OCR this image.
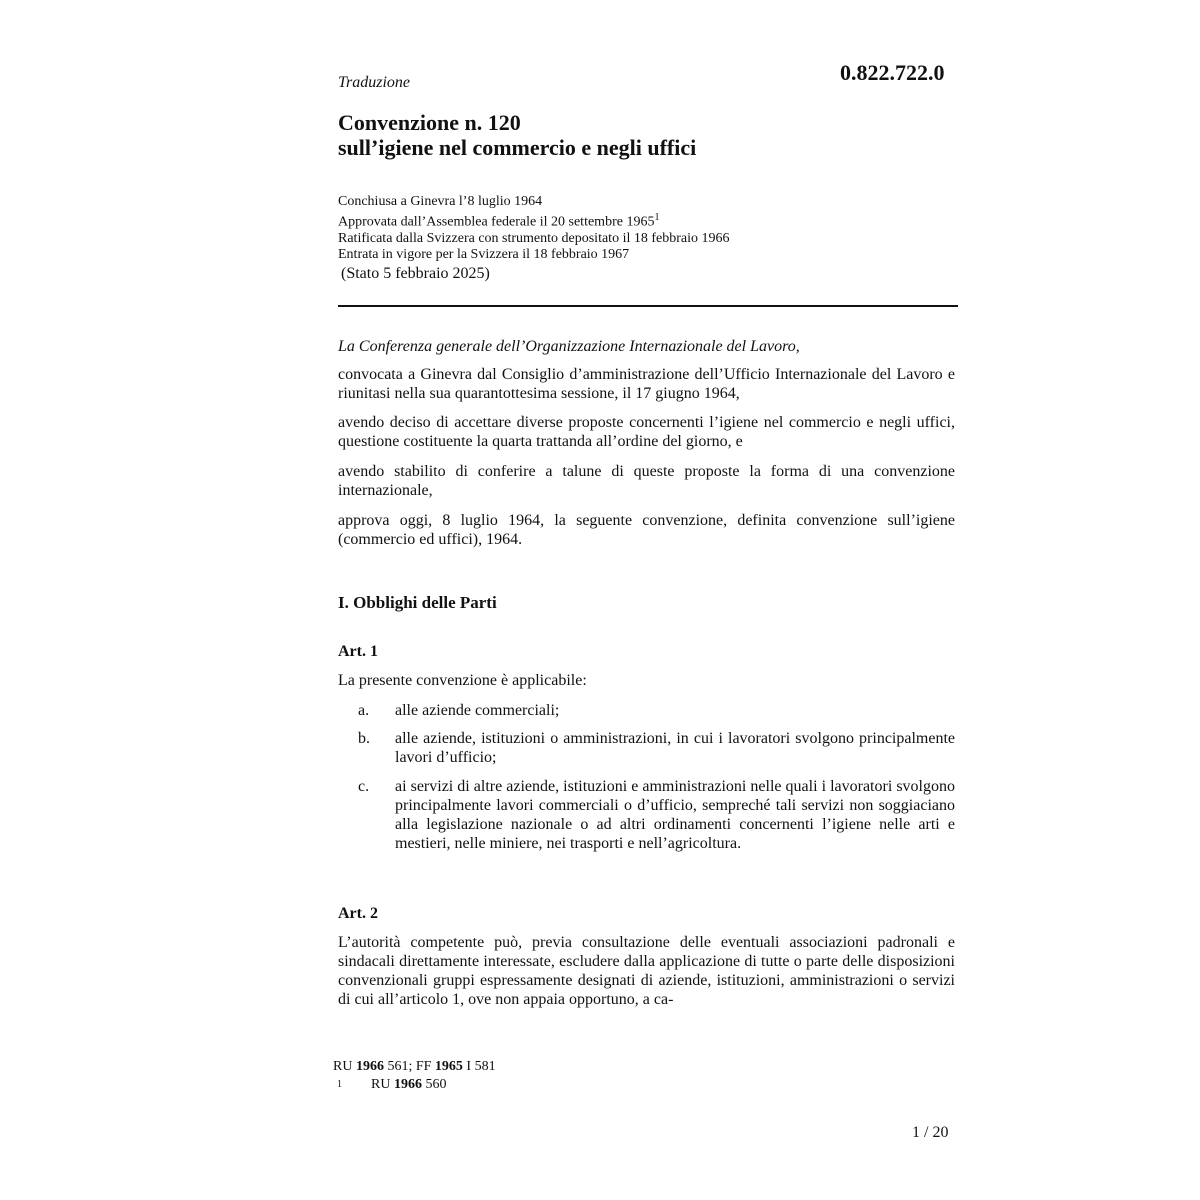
0.822.722.0
Traduzione
Convenzione n. 120
sull’igiene nel commercio e negli uffici
Conchiusa a Ginevra l’8 luglio 1964
Approvata dall’Assemblea federale il 20 settembre 1965$^1$
Ratificata dalla Svizzera con strumento depositato il 18 febbraio 1966
Entrata in vigore per la Svizzera il 18 febbraio 1967
(Stato 5 febbraio 2025)

La Conferenza generale dell’Organizzazione Internazionale del Lavoro,

convocata a Ginevra dal Consiglio d’amministrazione dell’Ufficio Internazionale del Lavoro e riunitasi nella sua quarantottesima sessione, il 17 giugno 1964,

avendo deciso di accettare diverse proposte concernenti l’igiene nel commercio e negli uffici, questione costituente la quarta trattanda all’ordine del giorno, e

avendo stabilito di conferire a talune di queste proposte la forma di una convenzione internazionale,

approva oggi, 8 luglio 1964, la seguente convenzione, definita convenzione sull’igiene (commercio ed uffici), 1964.

I. Obblighi delle Parti
Art. 1

La presente convenzione è applicabile:

a. alle aziende commerciali;
b. alle aziende, istituzioni o amministrazioni, in cui i lavoratori svolgono principalmente lavori d’ufficio;
c. ai servizi di altre aziende, istituzioni e amministrazioni nelle quali i lavoratori svolgono principalmente lavori commerciali o d’ufficio, sempreché tali servizi non soggiaciano alla legislazione nazionale o ad altri ordinamenti concernenti l’igiene nelle arti e mestieri, nelle miniere, nei trasporti e nell’agricoltura.
Art. 2

L’autorità competente può, previa consultazione delle eventuali associazioni padronali e sindacali direttamente interessate, escludere dalla applicazione di tutte o parte delle disposizioni convenzionali gruppi espressamente designati di aziende, istituzioni, amministrazioni o servizi di cui all’articolo 1, ove non appaia opportuno, a ca-

RU 1966 561; FF 1965 I 581
1 RU 1966 560
1 / 20
